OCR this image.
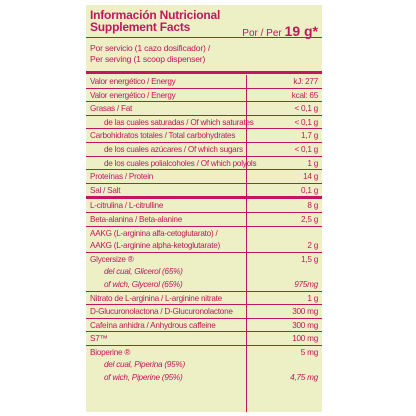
Información Nutricional
Supplement Facts	Por / Per 19 g*
Por servicio (1 cazo dosificador) /
Per serving (1 scoop dispenser)
Valor energético / Energy	kJ: 277
Valor energético / Energy	kcal: 65
Grasas / Fat	< 0,1 g
de las cuales saturadas / Of which saturates	< 0,1 g
Carbohidratos totales / Total carbohydrates	1,7 g
de los cuales azúcares / Of which sugars	< 0,1 g
de los cuales polialcoholes / Of which polyols	1 g
Proteínas / Protein	14 g
Sal / Salt	0,1 g
L-citrulina / L-citrulline	8 g
Beta-alanina / Beta-alanine	2,5 g
AAKG (L-arginina alfa-cetoglutarato) /
AAKG (L-arginine alpha-ketoglutarate)	2 g
Glycersize ®	1,5 g
del cual, Glicerol (65%)
of wich, Glycerol (65%)	975mg
Nitrato de L-arginina / L-arginine nitrate	1 g
D-Glucuronolactona / D-Glucuronolactone	300 mg
Cafeína anhidra / Anhydrous caffeine	300 mg
S7™	100 mg
Bioperine ®	5 mg
del cual, Piperina (95%)
of wich, Piperine (95%)	4,75 mg
